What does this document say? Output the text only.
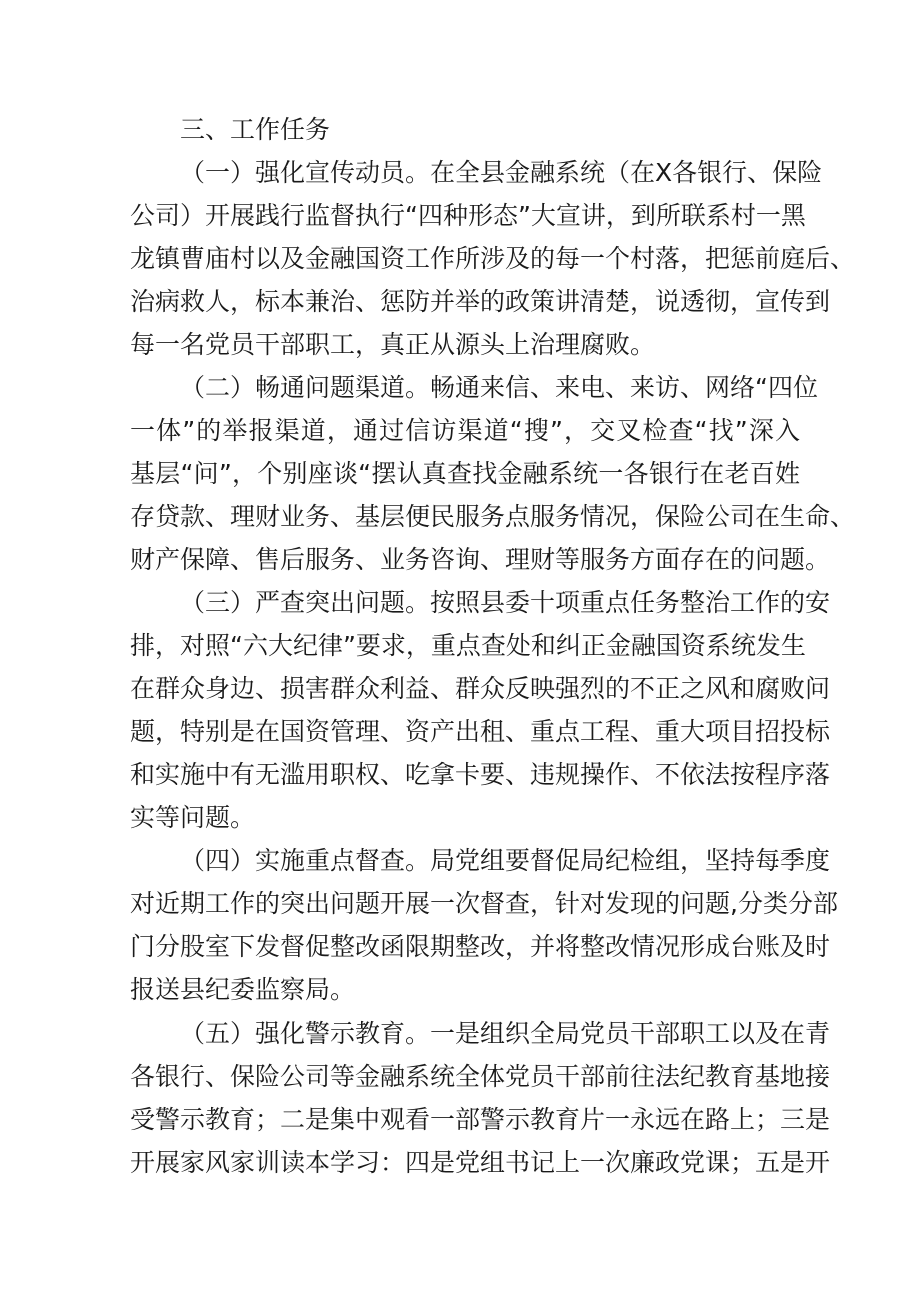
三、工作任务
（一）强化宣传动员。在全县金融系统（在X各银行、保险
公司）开展践行监督执行“四种形态”大宣讲，到所联系村一黑
龙镇曹庙村以及金融国资工作所涉及的每一个村落，把惩前庭后、
治病救人，标本兼治、惩防并举的政策讲清楚，说透彻，宣传到
每一名党员干部职工，真正从源头上治理腐败。
（二）畅通问题渠道。畅通来信、来电、来访、网络“四位
一体”的举报渠道，通过信访渠道“搜”，交叉检查“找”深入
基层“问”，个别座谈“摆认真查找金融系统一各银行在老百姓
存贷款、理财业务、基层便民服务点服务情况，保险公司在生命、
财产保障、售后服务、业务咨询、理财等服务方面存在的问题。
（三）严查突出问题。按照县委十项重点任务整治工作的安
排，对照“六大纪律”要求，重点查处和纠正金融国资系统发生
在群众身边、损害群众利益、群众反映强烈的不正之风和腐败问
题，特别是在国资管理、资产出租、重点工程、重大项目招投标
和实施中有无滥用职权、吃拿卡要、违规操作、不依法按程序落
实等问题。
（四）实施重点督查。局党组要督促局纪检组，坚持每季度
对近期工作的突出问题开展一次督查，针对发现的问题,分类分部
门分股室下发督促整改函限期整改，并将整改情况形成台账及时
报送县纪委监察局。
（五）强化警示教育。一是组织全局党员干部职工以及在青
各银行、保险公司等金融系统全体党员干部前往法纪教育基地接
受警示教育；二是集中观看一部警示教育片一永远在路上；三是
开展家风家训读本学习：四是党组书记上一次廉政党课；五是开
